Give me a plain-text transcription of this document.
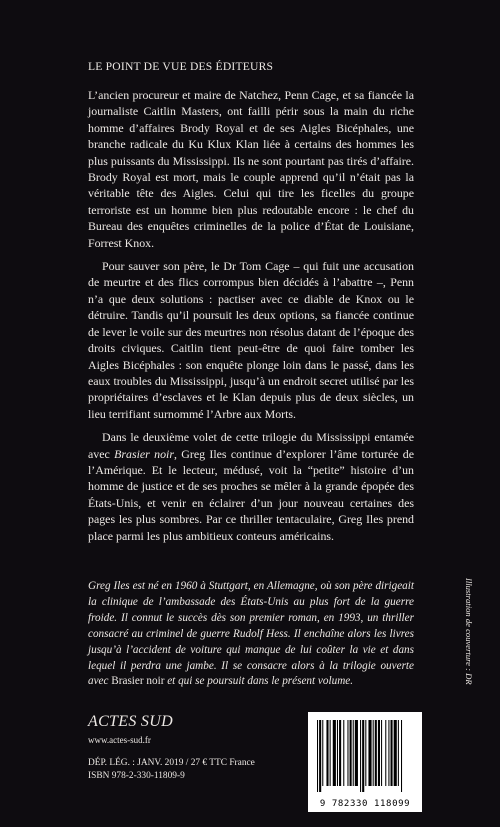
LE POINT DE VUE DES ÉDITEURS

L’ancien procureur et maire de Natchez, Penn Cage, et sa fiancée la journaliste Caitlin Masters, ont failli périr sous la main du riche homme d’affaires Brody Royal et de ses Aigles Bicéphales, une branche radicale du Ku Klux Klan liée à certains des hommes les plus puissants du Mississippi. Ils ne sont pourtant pas tirés d’affaire. Brody Royal est mort, mais le couple apprend qu’il n’était pas la véritable tête des Aigles. Celui qui tire les ficelles du groupe terroriste est un homme bien plus redoutable encore : le chef du Bureau des enquêtes criminelles de la police d’État de Louisiane, Forrest Knox.

Pour sauver son père, le Dr Tom Cage – qui fuit une accusation de meurtre et des flics corrompus bien décidés à l’abattre –, Penn n’a que deux solutions : pactiser avec ce diable de Knox ou le détruire. Tandis qu’il poursuit les deux options, sa fiancée continue de lever le voile sur des meurtres non résolus datant de l’époque des droits civiques. Caitlin tient peut-être de quoi faire tomber les Aigles Bicéphales : son enquête plonge loin dans le passé, dans les eaux troubles du Mississippi, jusqu’à un endroit secret utilisé par les propriétaires d’esclaves et le Klan depuis plus de deux siècles, un lieu terrifiant surnommé l’Arbre aux Morts.

Dans le deuxième volet de cette trilogie du Mississippi entamée avec Brasier noir, Greg Iles continue d’explorer l’âme torturée de l’Amérique. Et le lecteur, médusé, voit la “petite” histoire d’un homme de justice et de ses proches se mêler à la grande épopée des États-Unis, et venir en éclairer d’un jour nouveau certaines des pages les plus sombres. Par ce thriller tentaculaire, Greg Iles prend place parmi les plus ambitieux conteurs américains.

Greg Iles est né en 1960 à Stuttgart, en Allemagne, où son père dirigeait la clinique de l’ambassade des États-Unis au plus fort de la guerre froide. Il connut le succès dès son premier roman, en 1993, un thriller consacré au criminel de guerre Rudolf Hess. Il enchaîne alors les livres jusqu’à l’accident de voiture qui manque de lui coûter la vie et dans lequel il perdra une jambe. Il se consacre alors à la trilogie ouverte avec Brasier noir et qui se poursuit dans le présent volume.
ACTES SUD
www.actes-sud.fr
DÉP. LÉG. : JANV. 2019 / 27 € TTC France
ISBN 978-2-330-11809-9
9 782330 118099
Illustration de couverture : DR
